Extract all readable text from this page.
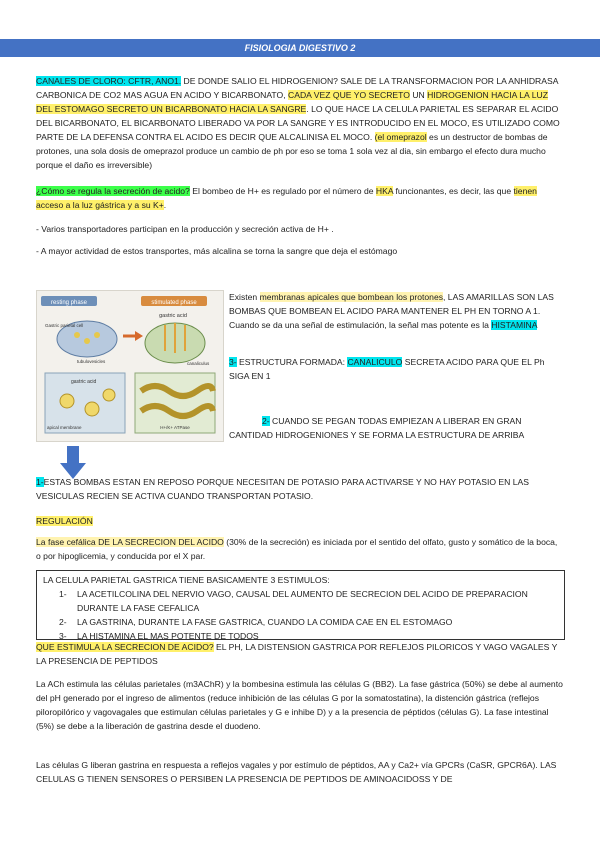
FISIOLOGIA DIGESTIVO 2

CANALES DE CLORO: CFTR, ANO1. DE DONDE SALIO EL HIDROGENION? SALE DE LA TRANSFORMACION POR LA ANHIDRASA CARBONICA DE CO2 MAS AGUA EN ACIDO Y BICARBONATO, CADA VEZ QUE YO SECRETO UN HIDROGENION HACIA LA LUZ DEL ESTOMAGO SECRETO UN BICARBONATO HACIA LA SANGRE. LO QUE HACE LA CELULA PARIETAL ES SEPARAR EL ACIDO DEL BICARBONATO, EL BICARBONATO LIBERADO VA POR LA SANGRE Y ES INTRODUCIDO EN EL MOCO, ES UTILIZADO COMO PARTE DE LA DEFENSA CONTRA EL ACIDO ES DECIR QUE ALCALINISA EL MOCO. (el omeprazol es un destructor de bombas de protones, una sola dosis de omeprazol produce un cambio de ph por eso se toma 1 sola vez al dia, sin embargo el efecto dura mucho porque el daño es irreversible)

¿Cómo se regula la secreción de acido? El bombeo de H+ es regulado por el número de HKA funcionantes, es decir, las que tienen acceso a la luz gástrica y a su K+.

- Varios transportadores participan en la producción y secreción activa de H+ .

- A mayor actividad de estos transportes, más alcalina se torna la sangre que deja el estómago

resting phase	stimulated phase
gastric acid
Gastric parietal cell
tubulovesicles	canaliculus
gastric acid
apical membrane	H+/K+ ATPase

Existen membranas apicales que bombean los protones, LAS AMARILLAS SON LAS BOMBAS QUE BOMBEAN EL ACIDO PARA MANTENER EL PH EN TORNO A 1. Cuando se da una señal de estimulación, la señal mas potente es la HISTAMINA

3- ESTRUCTURA FORMADA: CANALICULO SECRETA ACIDO PARA QUE EL Ph SIGA EN 1

2- CUANDO SE PEGAN TODAS EMPIEZAN A LIBERAR EN GRAN CANTIDAD HIDROGENIONES Y SE FORMA LA ESTRUCTURA DE ARRIBA

1-ESTAS BOMBAS ESTAN EN REPOSO PORQUE NECESITAN DE POTASIO PARA ACTIVARSE Y NO HAY POTASIO EN LAS VESICULAS RECIEN SE ACTIVA CUANDO TRANSPORTAN POTASIO.

REGULACIÓN

La fase cefálica DE LA SECRECION DEL ACIDO (30% de la secreción) es iniciada por el sentido del olfato, gusto y somático de la boca, o por hipoglicemia, y conducida por el X par.

LA CELULA PARIETAL GASTRICA TIENE BASICAMENTE 3 ESTIMULOS:
1-	LA ACETILCOLINA DEL NERVIO VAGO, CAUSAL DEL AUMENTO DE SECRECION DEL ACIDO DE PREPARACION DURANTE LA FASE CEFALICA
2-	LA GASTRINA, DURANTE LA FASE GASTRICA, CUANDO LA COMIDA CAE EN EL ESTOMAGO
3-	LA HISTAMINA EL MAS POTENTE DE TODOS

QUE ESTIMULA LA SECRECION DE ACIDO? EL PH, LA DISTENSION GASTRICA POR REFLEJOS PILORICOS Y VAGO VAGALES Y LA PRESENCIA DE PEPTIDOS

La ACh estimula las células parietales (m3AChR) y la bombesina estimula las células G (BB2). La fase gástrica (50%) se debe al aumento del pH generado por el ingreso de alimentos (reduce inhibición de las células G por la somatostatina), la distención gástrica (reflejos piloropilórico y vagovagales que estimulan células parietales y G e inhibe D) y a la presencia de péptidos (células G). La fase intestinal (5%) se debe a la liberación de gastrina desde el duodeno.

Las células G liberan gastrina en respuesta a reflejos vagales y por estímulo de péptidos, AA y Ca2+ vía GPCRs (CaSR, GPCR6A). LAS CELULAS G TIENEN SENSORES O PERSIBEN LA PRESENCIA DE PEPTIDOS DE AMINOACIDOSS Y DE
